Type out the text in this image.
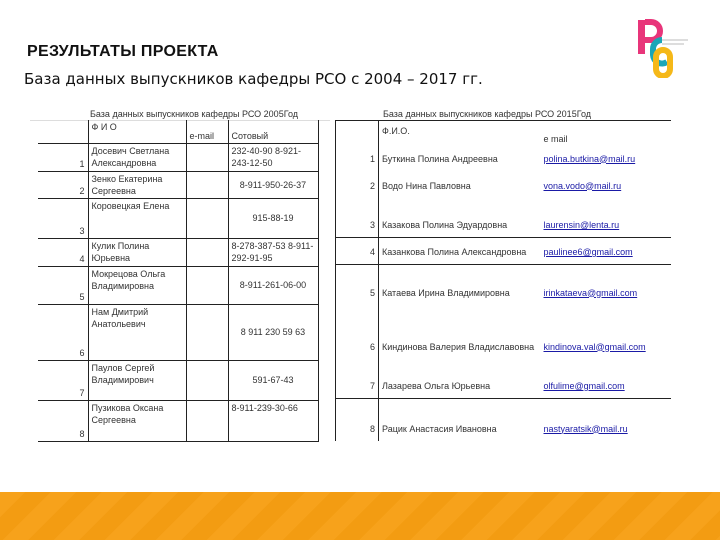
РЕЗУЛЬТАТЫ ПРОЕКТА
База данных выпускников кафедры РСО с 2004 – 2017 гг.
База данных выпускников кафедры РСО 2005Год
	Ф И О	e-mail	Сотовый
1	Досевич Светлана Александровна		232-40-90 8-921-243-12-50
2	Зенко Екатерина Сергеевна		8-911-950-26-37
3	Коровецкая Елена		915-88-19
4	Кулик Полина Юрьевна		8-278-387-53 8-911-292-91-95
5	Мокрецова Ольга Владимировна		8-911-261-06-00
6	Нам Дмитрий Анатольевич		8 911 230 59 63
7	Паулов Сергей Владимирович		591-67-43
8	Пузикова Оксана Сергеевна		8-911-239-30-66
База данных выпускников кафедры РСО 2015Год
	Ф.И.О.	e mail
1	Буткина Полина Андреевна	polina.butkina@mail.ru
2	Водо Нина Павловна	vona.vodo@mail.ru
3	Казакова Полина Эдуардовна	laurensin@lenta.ru
4	Казанкова Полина Александровна	paulinee6@gmail.com
5	Катаева Ирина Владимировна	irinkataeva@gmail.com
6	Киндинова Валерия Владиславовна	kindinova.val@gmail.com
7	Лазарева Ольга Юрьевна	olfulime@gmail.com
8	Рацик Анастасия Ивановна	nastyaratsik@mail.ru
